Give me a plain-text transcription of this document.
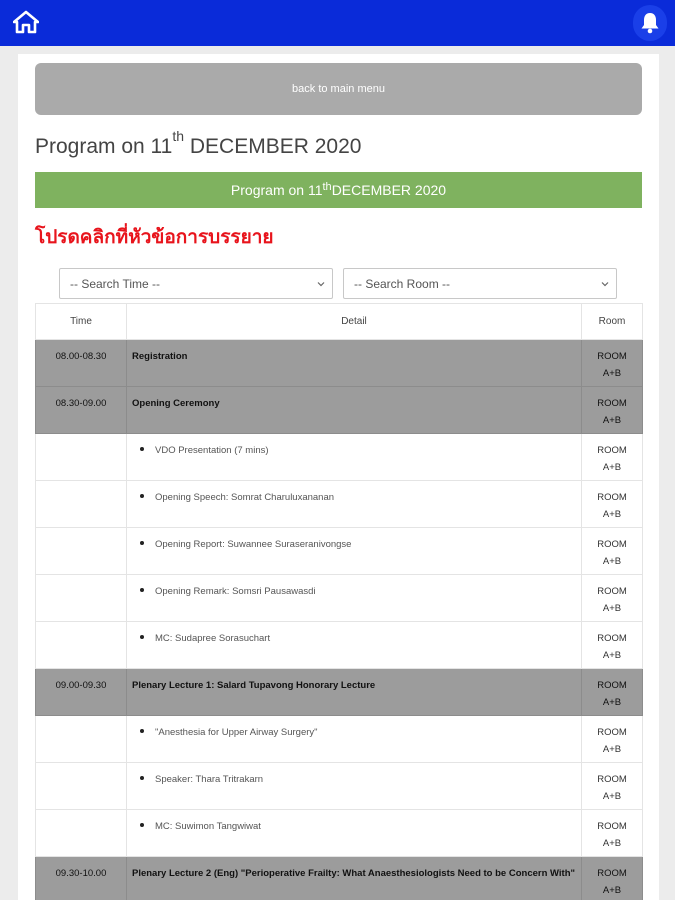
back to main menu
Program on 11th DECEMBER 2020
Program on 11th DECEMBER 2020
โปรดคลิกที่หัวข้อการบรรยาย
-- Search Time --	-- Search Room --
Time	Detail	Room
08.00-08.30	Registration	ROOM
A+B
08.30-09.00	Opening Ceremony	ROOM
A+B
	VDO Presentation (7 mins)	ROOM
A+B
	Opening Speech: Somrat Charuluxananan	ROOM
A+B
	Opening Report: Suwannee Suraseranivongse	ROOM
A+B
	Opening Remark: Somsri Pausawasdi	ROOM
A+B
	MC: Sudapree Sorasuchart	ROOM
A+B
09.00-09.30	Plenary Lecture 1: Salard Tupavong Honorary Lecture	ROOM
A+B
	"Anesthesia for Upper Airway Surgery"	ROOM
A+B
	Speaker: Thara Tritrakarn	ROOM
A+B
	MC: Suwimon Tangwiwat	ROOM
A+B
09.30-10.00	Plenary Lecture 2 (Eng) "Perioperative Frailty: What Anaesthesiologists Need to be Concern With"	ROOM
A+B
